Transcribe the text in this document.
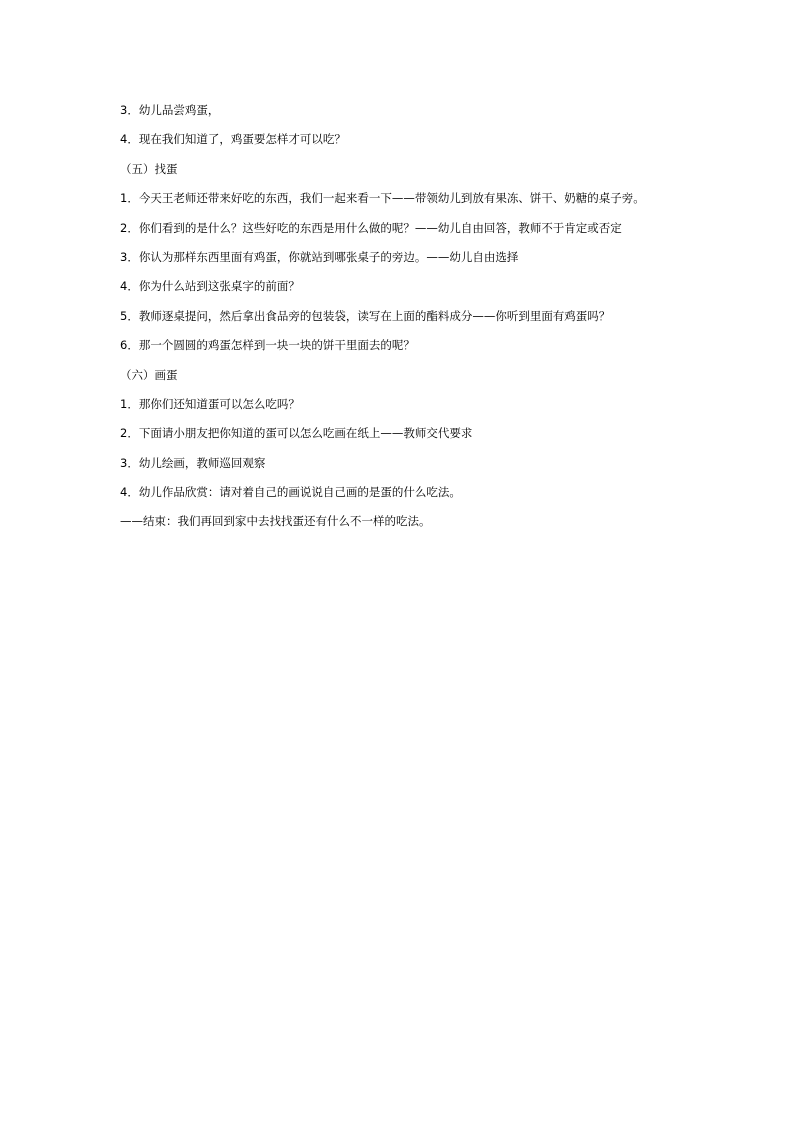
3．幼儿品尝鸡蛋，
4．现在我们知道了，鸡蛋要怎样才可以吃？
（五）找蛋
1．今天王老师还带来好吃的东西，我们一起来看一下——带领幼儿到放有果冻、饼干、奶糖的桌子旁。
2．你们看到的是什么？这些好吃的东西是用什么做的呢？——幼儿自由回答，教师不于肯定或否定
3．你认为那样东西里面有鸡蛋，你就站到哪张桌子的旁边。——幼儿自由选择
4．你为什么站到这张桌字的前面？
5．教师逐桌提问，然后拿出食品旁的包装袋，读写在上面的酯料成分——你听到里面有鸡蛋吗？
6．那一个圆圆的鸡蛋怎样到一块一块的饼干里面去的呢？
（六）画蛋
1．那你们还知道蛋可以怎么吃吗？
2．下面请小朋友把你知道的蛋可以怎么吃画在纸上——教师交代要求
3．幼儿绘画，教师巡回观察
4．幼儿作品欣赏：请对着自己的画说说自己画的是蛋的什么吃法。
——结束：我们再回到家中去找找蛋还有什么不一样的吃法。
